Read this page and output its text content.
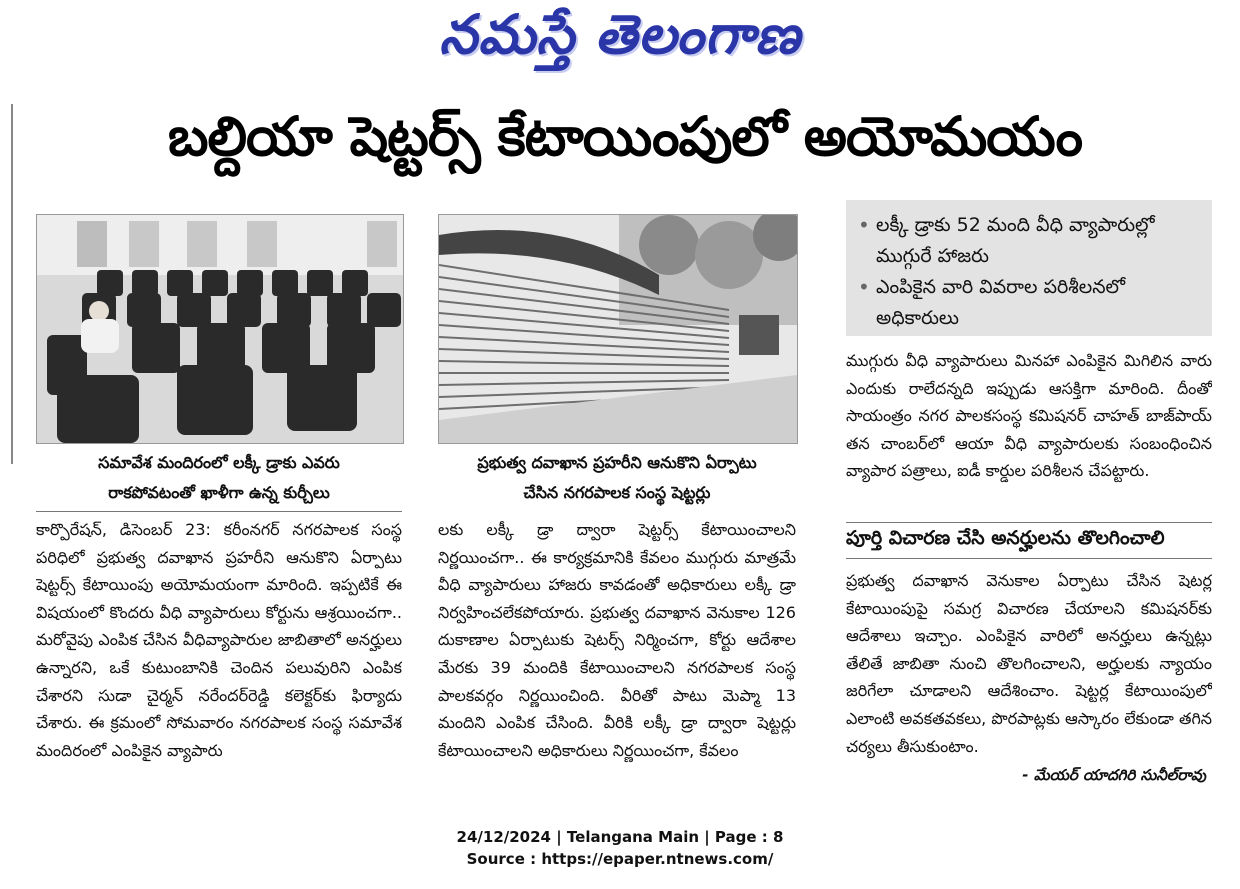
నమస్తే తెలంగాణ
బల్దియా షెట్టర్స్ కేటాయింపులో అయోమయం
సమావేశ మందిరంలో లక్కీ డ్రాకు ఎవరు
రాకపోవటంతో ఖాళీగా ఉన్న కుర్చీలు
ప్రభుత్వ దవాఖాన ప్రహరీని ఆనుకొని ఏర్పాటు
చేసిన నగరపాలక సంస్థ షెట్టర్లు
• లక్కీ డ్రాకు 52 మంది వీధి వ్యాపారుల్లో ముగ్గురే హాజరు
• ఎంపికైన వారి వివరాల పరిశీలనలో అధికారులు
కార్పొరేషన్, డిసెంబర్ 23: కరీంనగర్ నగరపాలక సంస్థ పరిధిలో ప్రభుత్వ దవాఖాన ప్రహరీని ఆనుకొని ఏర్పాటు షెట్టర్స్ కేటాయింపు అయోమయంగా మారింది. ఇప్పటికే ఈ విషయంలో కొందరు వీధి వ్యాపారులు కోర్టును ఆశ్రయించగా.. మరోవైపు ఎంపిక చేసిన వీధివ్యాపారుల జాబితాలో అనర్హులు ఉన్నారని, ఒకే కుటుంబానికి చెందిన పలువురిని ఎంపిక చేశారని సుడా చైర్మన్ నరేందర్‌రెడ్డి కలెక్టర్‌కు ఫిర్యాదు చేశారు. ఈ క్రమంలో సోమవారం నగరపాలక సంస్థ సమావేశ మందిరంలో ఎంపికైన వ్యాపారు
లకు లక్కీ డ్రా ద్వారా షెట్టర్స్ కేటాయించాలని నిర్ణయించగా.. ఈ కార్యక్రమానికి కేవలం ముగ్గురు మాత్రమే వీధి వ్యాపారులు హాజరు కావడంతో అధికారులు లక్కీ డ్రా నిర్వహించలేకపోయారు. ప్రభుత్వ దవాఖాన వెనుకాల 126 దుకాణాల ఏర్పాటుకు షెటర్స్ నిర్మించగా, కోర్టు ఆదేశాల మేరకు 39 మందికి కేటాయించాలని నగరపాలక సంస్థ పాలకవర్గం నిర్ణయించింది. వీరితో పాటు మెప్మా 13 మందిని ఎంపిక చేసింది. వీరికి లక్కీ డ్రా ద్వారా షెట్టర్లు కేటాయించాలని అధికారులు నిర్ణయించగా, కేవలం
ముగ్గురు వీధి వ్యాపారులు మినహా ఎంపికైన మిగిలిన వారు ఎందుకు రాలేదన్నది ఇప్పుడు ఆసక్తిగా మారింది. దీంతో సాయంత్రం నగర పాలకసంస్థ కమిషనర్ చాహత్ బాజ్‌పాయ్ తన చాంబర్‌లో ఆయా వీధి వ్యాపారులకు సంబంధించిన వ్యాపార పత్రాలు, ఐడీ కార్డుల పరిశీలన చేపట్టారు.
పూర్తి విచారణ చేసి అనర్హులను తొలగించాలి
ప్రభుత్వ దవాఖాన వెనుకాల ఏర్పాటు చేసిన షెటర్ల కేటాయింపుపై సమగ్ర విచారణ చేయాలని కమిషనర్‌కు ఆదేశాలు ఇచ్చాం. ఎంపికైన వారిలో అనర్హులు ఉన్నట్లు తేలితే జాబితా నుంచి తొలగించాలని, అర్హులకు న్యాయం జరిగేలా చూడాలని ఆదేశించాం. షెట్టర్ల కేటాయింపులో ఎలాంటి అవకతవకలు, పొరపాట్లకు ఆస్కారం లేకుండా తగిన చర్యలు తీసుకుంటాం.
- మేయర్ యాదగిరి సునీల్‌రావు
24/12/2024 | Telangana Main | Page : 8
Source : https://epaper.ntnews.com/
